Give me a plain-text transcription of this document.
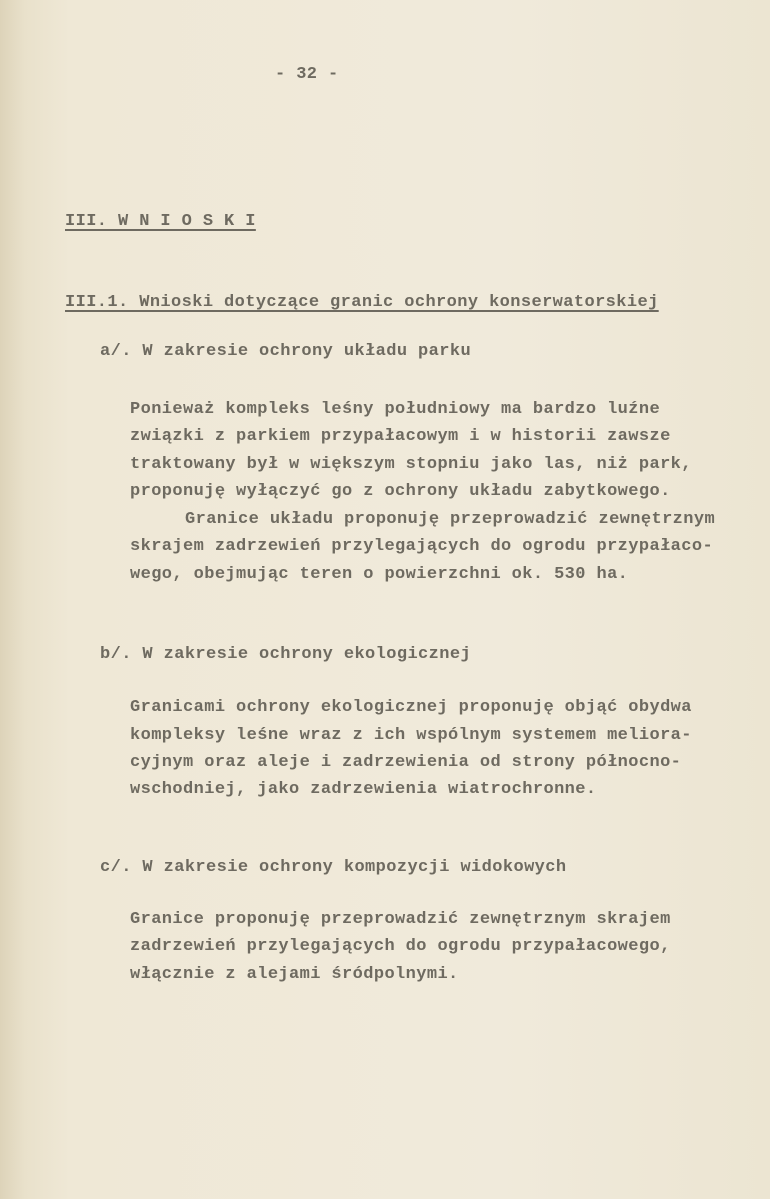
- 32 -
III. W N I O S K I
III.1. Wnioski dotyczące granic ochrony konserwatorskiej
a/. W zakresie ochrony układu parku
Ponieważ kompleks leśny południowy ma bardzo luźne
związki z parkiem przypałacowym i w historii zawsze
traktowany był w większym stopniu jako las, niż park,
proponuję wyłączyć go z ochrony układu zabytkowego.
Granice układu proponuję przeprowadzić zewnętrznym
skrajem zadrzewień przylegających do ogrodu przypałaco-
wego, obejmując teren o powierzchni ok. 530 ha.
b/. W zakresie ochrony ekologicznej
Granicami ochrony ekologicznej proponuję objąć obydwa
kompleksy leśne wraz z ich wspólnym systemem meliora-
cyjnym oraz aleje i zadrzewienia od strony północno-
wschodniej, jako zadrzewienia wiatrochronne.
c/. W zakresie ochrony kompozycji widokowych
Granice proponuję przeprowadzić zewnętrznym skrajem
zadrzewień przylegających do ogrodu przypałacowego,
włącznie z alejami śródpolnymi.
